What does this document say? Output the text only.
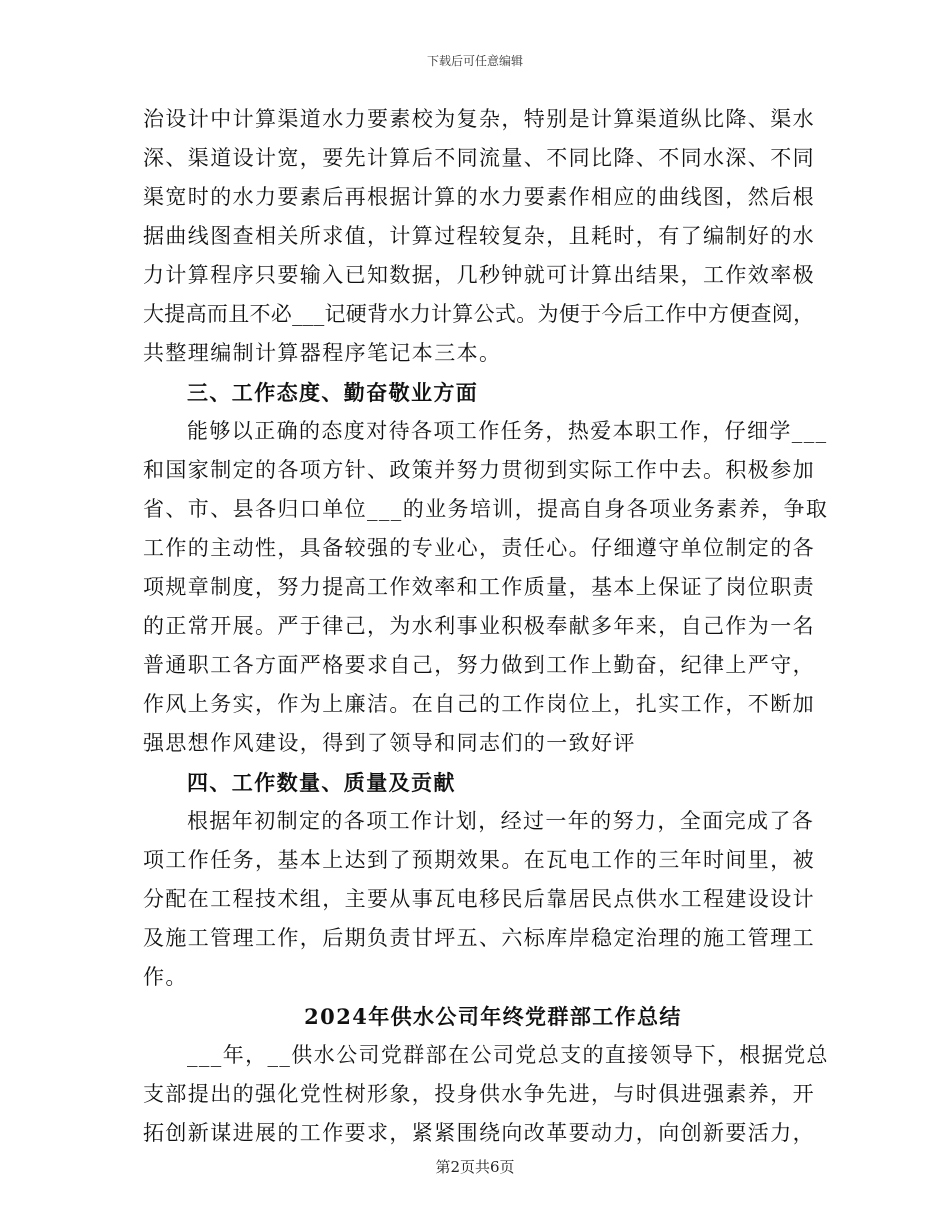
下载后可任意编辑
治设计中计算渠道水力要素校为复杂，特别是计算渠道纵比降、渠水
深、渠道设计宽，要先计算后不同流量、不同比降、不同水深、不同
渠宽时的水力要素后再根据计算的水力要素作相应的曲线图，然后根
据曲线图查相关所求值，计算过程较复杂，且耗时，有了编制好的水
力计算程序只要输入已知数据，几秒钟就可计算出结果，工作效率极
大提高而且不必___记硬背水力计算公式。为便于今后工作中方便查阅，
共整理编制计算器程序笔记本三本。
三、工作态度、勤奋敬业方面
能够以正确的态度对待各项工作任务，热爱本职工作，仔细学___
和国家制定的各项方针、政策并努力贯彻到实际工作中去。积极参加
省、市、县各归口单位___的业务培训，提高自身各项业务素养，争取
工作的主动性，具备较强的专业心，责任心。仔细遵守单位制定的各
项规章制度，努力提高工作效率和工作质量，基本上保证了岗位职责
的正常开展。严于律己，为水利事业积极奉献多年来，自己作为一名
普通职工各方面严格要求自己，努力做到工作上勤奋，纪律上严守，
作风上务实，作为上廉洁。在自己的工作岗位上，扎实工作，不断加
强思想作风建设，得到了领导和同志们的一致好评
四、工作数量、质量及贡献
根据年初制定的各项工作计划，经过一年的努力，全面完成了各
项工作任务，基本上达到了预期效果。在瓦电工作的三年时间里，被
分配在工程技术组，主要从事瓦电移民后靠居民点供水工程建设设计
及施工管理工作，后期负责甘坪五、六标库岸稳定治理的施工管理工
作。
2024年供水公司年终党群部工作总结
___年，__供水公司党群部在公司党总支的直接领导下，根据党总
支部提出的强化党性树形象，投身供水争先进，与时俱进强素养，开
拓创新谋进展的工作要求，紧紧围绕向改革要动力，向创新要活力，
第2页共6页
